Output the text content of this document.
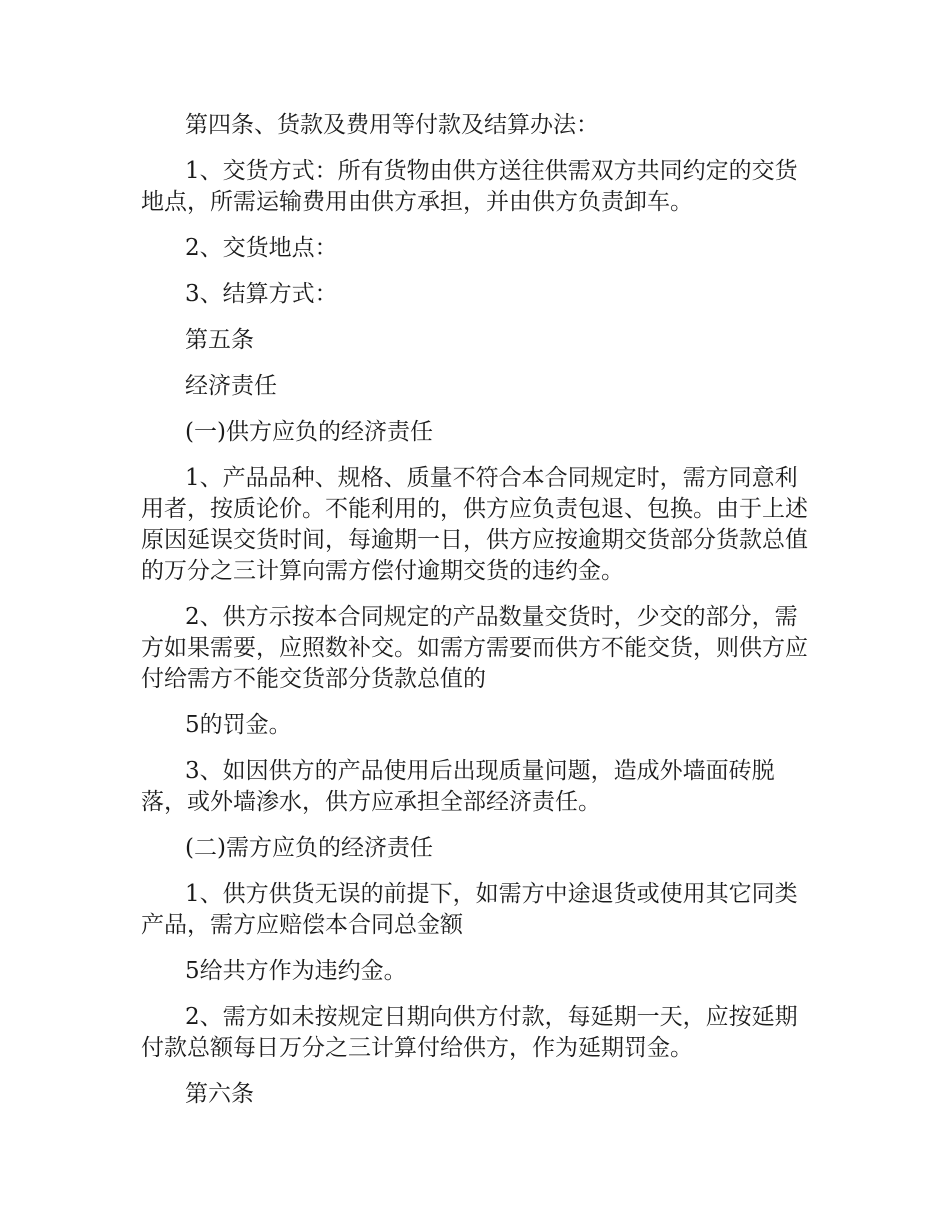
第四条、货款及费用等付款及结算办法：

1、交货方式：所有货物由供方送往供需双方共同约定的交货地点，所需运输费用由供方承担，并由供方负责卸车。

2、交货地点：

3、结算方式：

第五条

经济责任

(一)供方应负的经济责任

1、产品品种、规格、质量不符合本合同规定时，需方同意利用者，按质论价。不能利用的，供方应负责包退、包换。由于上述原因延误交货时间，每逾期一日，供方应按逾期交货部分货款总值的万分之三计算向需方偿付逾期交货的违约金。

2、供方示按本合同规定的产品数量交货时，少交的部分，需方如果需要，应照数补交。如需方需要而供方不能交货，则供方应付给需方不能交货部分货款总值的

5的罚金。

3、如因供方的产品使用后出现质量问题，造成外墙面砖脱落，或外墙渗水，供方应承担全部经济责任。

(二)需方应负的经济责任

1、供方供货无误的前提下，如需方中途退货或使用其它同类产品，需方应赔偿本合同总金额

5给共方作为违约金。

2、需方如未按规定日期向供方付款，每延期一天，应按延期付款总额每日万分之三计算付给供方，作为延期罚金。

第六条
